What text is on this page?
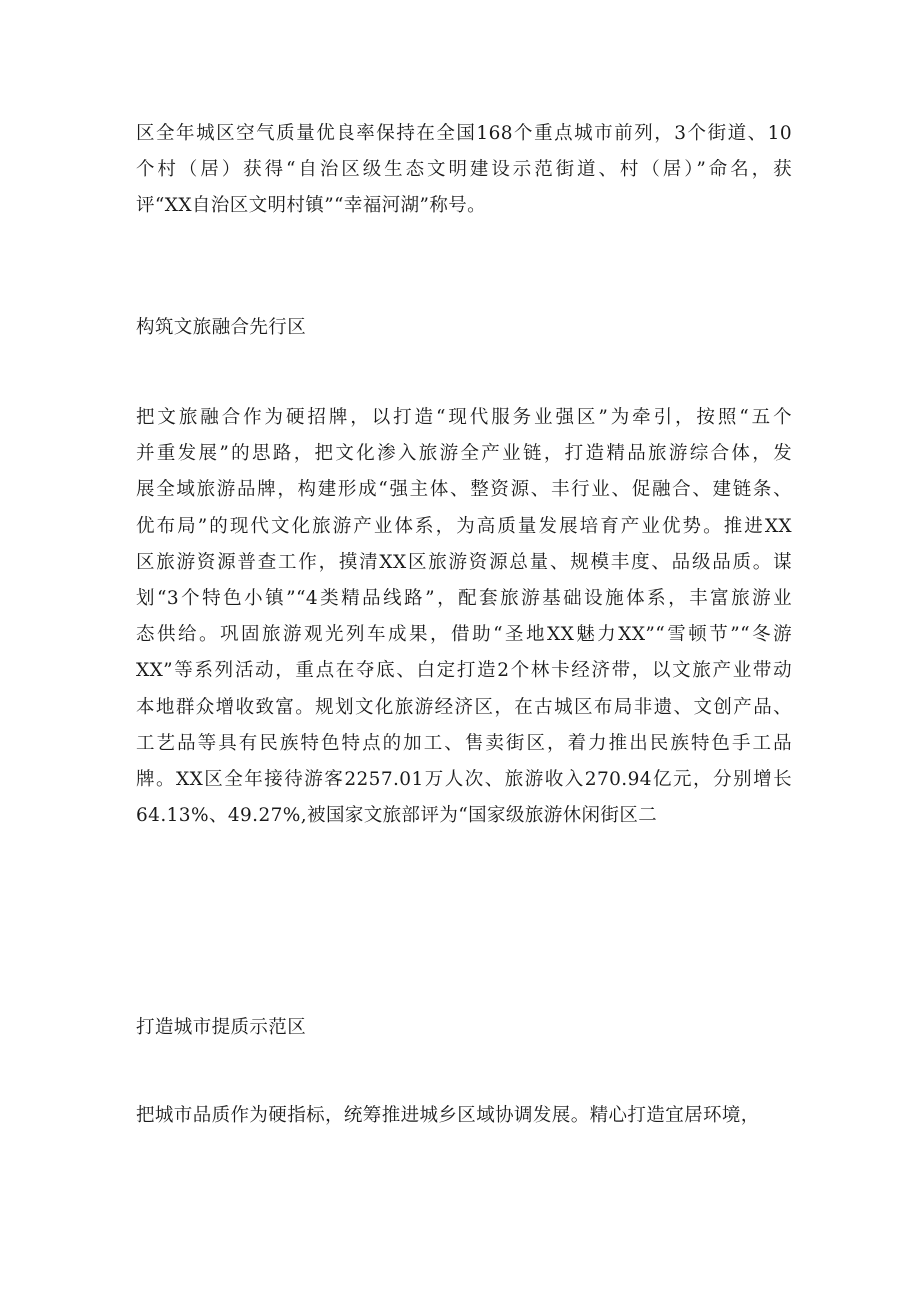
区全年城区空气质量优良率保持在全国168个重点城市前列，3个街道、10
个村（居）获得“自治区级生态文明建设示范街道、村（居）”命名，获
评“XX自治区文明村镇”“幸福河湖”称号。

构筑文旅融合先行区

把文旅融合作为硬招牌，以打造“现代服务业强区”为牵引，按照“五个
并重发展”的思路，把文化渗入旅游全产业链，打造精品旅游综合体，发
展全域旅游品牌，构建形成“强主体、整资源、丰行业、促融合、建链条、
优布局”的现代文化旅游产业体系，为高质量发展培育产业优势。推进XX
区旅游资源普查工作，摸清XX区旅游资源总量、规模丰度、品级品质。谋
划“3个特色小镇”“4类精品线路”，配套旅游基础设施体系，丰富旅游业
态供给。巩固旅游观光列车成果，借助“圣地XX魅力XX”“雪顿节”“冬游
XX”等系列活动，重点在夺底、白定打造2个林卡经济带，以文旅产业带动
本地群众增收致富。规划文化旅游经济区，在古城区布局非遗、文创产品、
工艺品等具有民族特色特点的加工、售卖街区，着力推出民族特色手工品
牌。XX区全年接待游客2257.01万人次、旅游收入270.94亿元，分别增长
64.13%、49.27%,被国家文旅部评为“国家级旅游休闲街区二

打造城市提质示范区

把城市品质作为硬指标，统筹推进城乡区域协调发展。精心打造宜居环境，
